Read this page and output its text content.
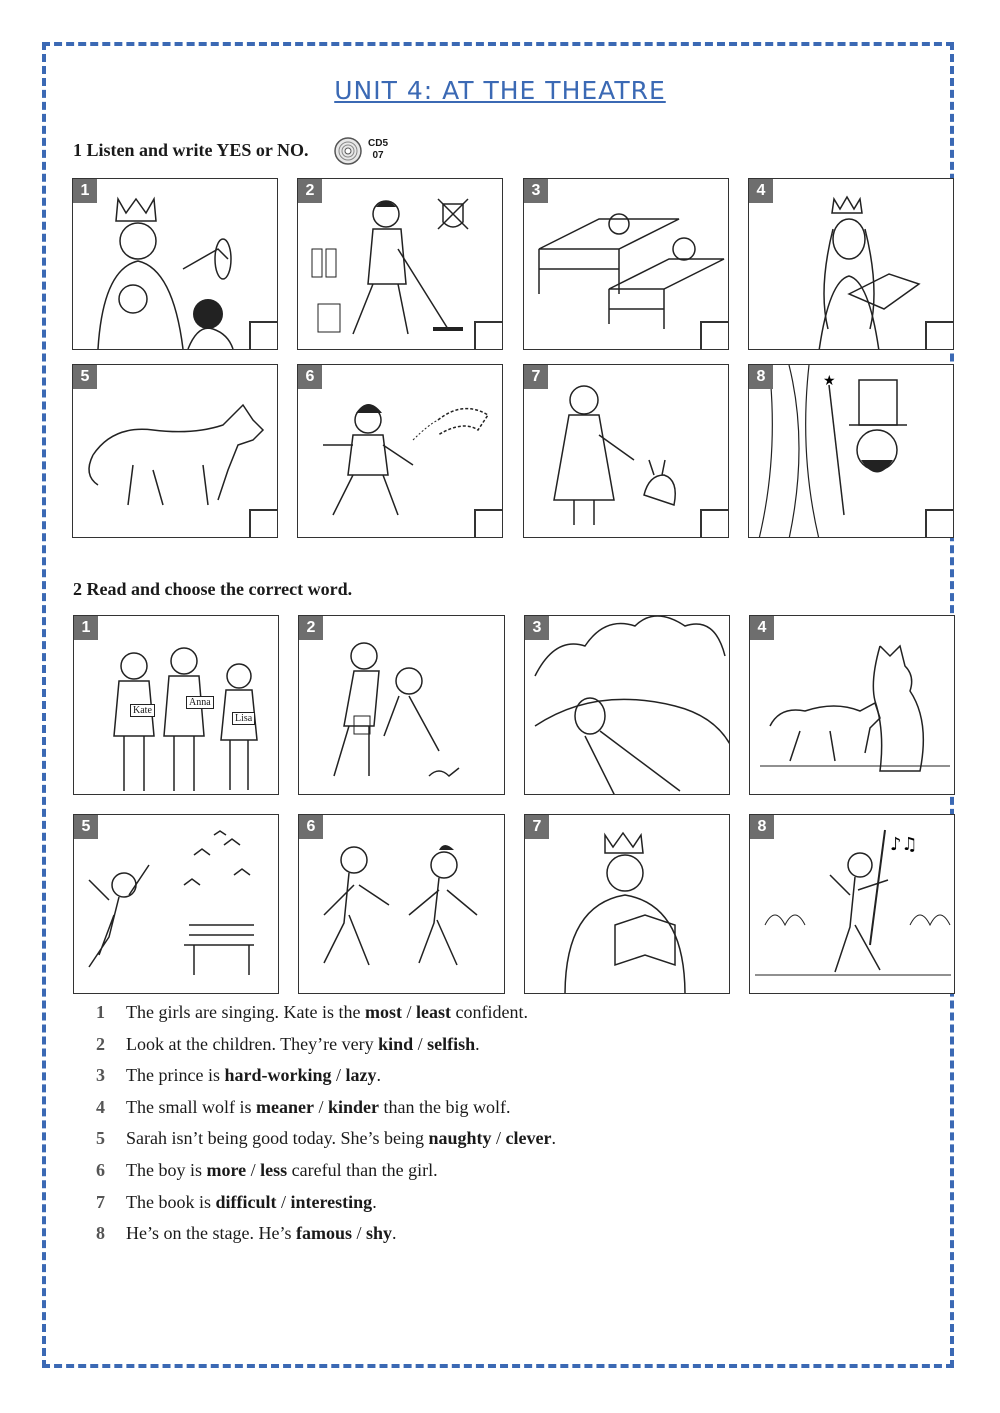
UNIT 4: AT THE THEATRE
1 Listen and write YES or NO.	CD5
07
1	2	3	4
5	6	7	★
8
2 Read and choose the correct word.
Kate
Anna
Lisa
1	2	3	4
5	6	7
♪♫
8
1	The girls are singing. Kate is the most / least confident.
2	Look at the children. They’re very kind / selfish.
3	The prince is hard-working / lazy.
4	The small wolf is meaner / kinder than the big wolf.
5	Sarah isn’t being good today. She’s being naughty / clever.
6	The boy is more / less careful than the girl.
7	The book is difficult / interesting.
8	He’s on the stage. He’s famous / shy.
